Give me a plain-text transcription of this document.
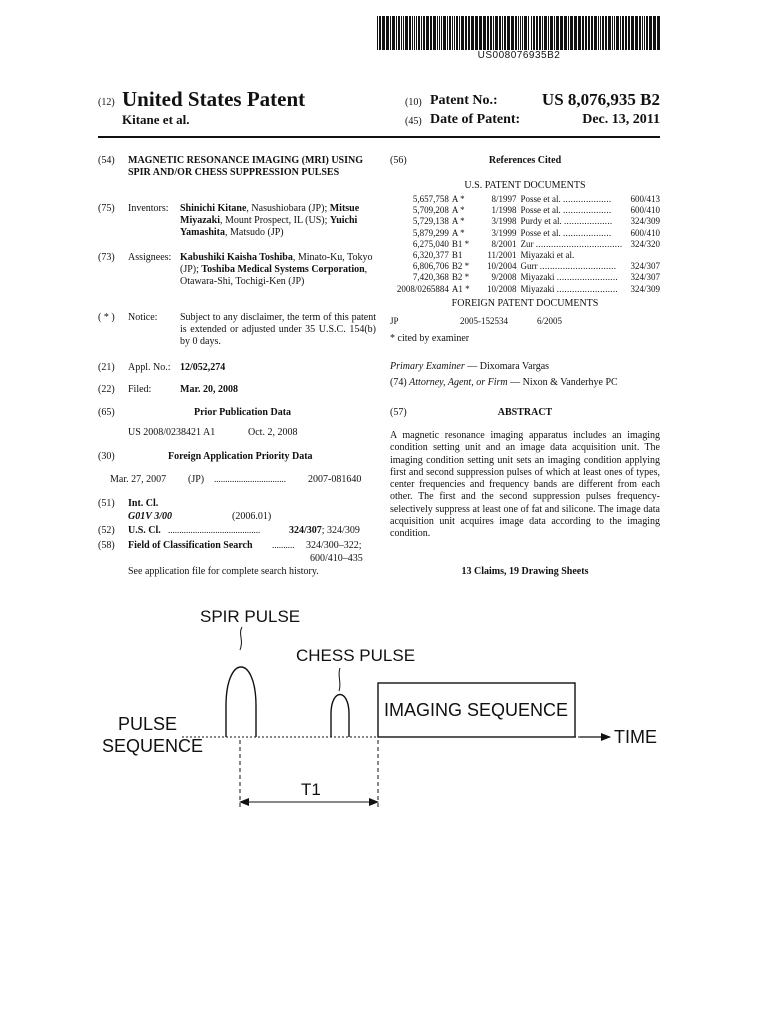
US008076935B2
(12) United States Patent
Kitane et al.
(10) Patent No.:	US 8,076,935 B2
(45) Date of Patent:	Dec. 13, 2011
(54) MAGNETIC RESONANCE IMAGING (MRI) USING SPIR AND/OR CHESS SUPPRESSION PULSES
(75) Inventors: Shinichi Kitane, Nasushiobara (JP); Mitsue Miyazaki, Mount Prospect, IL (US); Yuichi Yamashita, Matsudo (JP)
(73) Assignees: Kabushiki Kaisha Toshiba, Minato-Ku, Tokyo (JP); Toshiba Medical Systems Corporation, Otawara-Shi, Tochigi-Ken (JP)
( * ) Notice: Subject to any disclaimer, the term of this patent is extended or adjusted under 35 U.S.C. 154(b) by 0 days.
(21) Appl. No.: 12/052,274
(22) Filed:	Mar. 20, 2008
(65)	Prior Publication Data
US 2008/0238421 A1	Oct. 2, 2008
(30)	Foreign Application Priority Data
Mar. 27, 2007 (JP) ................................ 2007-081640
(51) Int. Cl.
G01V 3/00	(2006.01)
(52) U.S. Cl. .........................................	324/307; 324/309
(58) Field of Classification Search .......... 324/300–322;
600/410–435
See application file for complete search history.
(56)	References Cited
U.S. PATENT DOCUMENTS
5,657,758	A *	8/1997	Posse et al. ...................	600/413
5,709,208	A *	1/1998	Posse et al. ...................	600/410
5,729,138	A *	3/1998	Purdy et al. ...................	324/309
5,879,299	A *	3/1999	Posse et al. ...................	600/410
6,275,040	B1 *	8/2001	Zur ..................................	324/320
6,320,377	B1	11/2001	Miyazaki et al.	
6,806,706	B2 *	10/2004	Gurr ..............................	324/307
7,420,368	B2 *	9/2008	Miyazaki ........................	324/307
2008/0265884	A1 *	10/2008	Miyazaki ........................	324/309
FOREIGN PATENT DOCUMENTS
JP	2005-152534	6/2005
* cited by examiner
Primary Examiner — Dixomara Vargas
(74) Attorney, Agent, or Firm — Nixon & Vanderhye PC
(57)	ABSTRACT
A magnetic resonance imaging apparatus includes an imaging condition setting unit and an image data acquisition unit. The imaging condition setting unit sets an imaging condition applying first and second suppression pulses of which at least ones of types, center frequencies and frequency bands are different from each other. The first and the second suppression pulses frequency-selectively suppress at least one of fat and silicone. The image data acquisition unit acquires image data according to the imaging condition.
13 Claims, 19 Drawing Sheets
SPIR PULSE
CHESS PULSE
IMAGING SEQUENCE
PULSE
SEQUENCE	TIME
T1
